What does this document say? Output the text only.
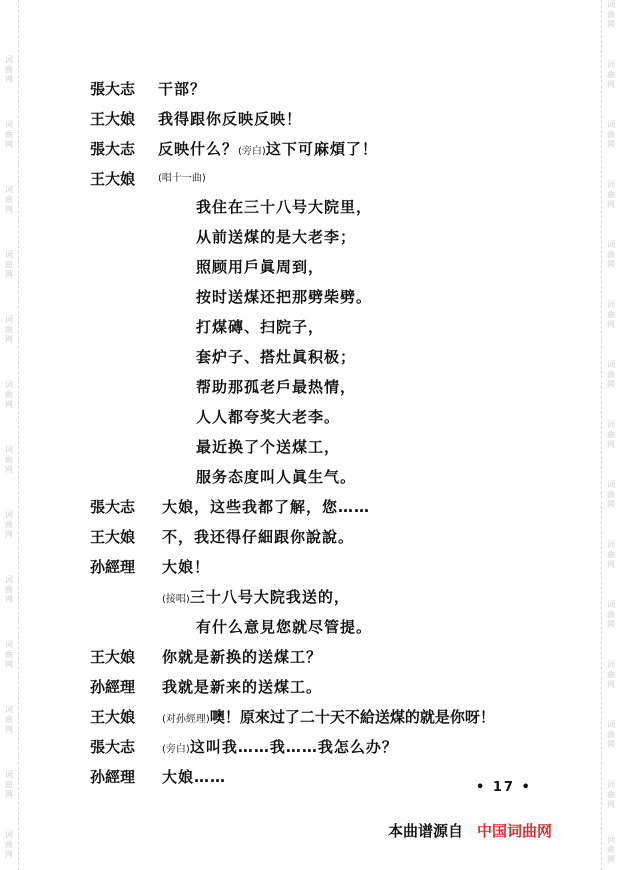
词
曲
网
词
曲
网
词
曲
网
词
曲
网
词
曲
网
词
曲
网
词
曲
网
词
曲
网
词
曲
网
词
曲
网
词
曲
网
词
曲
网
词
曲
网
词
曲
网
词
曲
网
词
曲
网
词
曲
网
词
曲
网
词
曲
网
词
曲
网
词
曲
网
词
曲
网
词
曲
网
词
曲
网
词
曲
网
词
曲
网
词
曲
网
词
曲
网
張大志 干部？
王大娘 我得跟你反映反映！
張大志 反映什么？(旁白)这下可麻煩了！
王大娘 (唱十一曲)
我住在三十八号大院里，
从前送煤的是大老李；
照顾用戶眞周到，
按时送煤还把那劈柴劈。
打煤磚、扫院子，
套炉子、搭灶眞积极；
帮助那孤老戶最热情，
人人都夸奖大老李。
最近换了个送煤工，
服务态度叫人眞生气。
張大志 大娘，这些我都了解，您……
王大娘 不，我还得仔細跟你說說。
孙經理 大娘！
(接唱)三十八号大院我送的，
有什么意見您就尽管提。
王大娘 你就是新换的送煤工？
孙經理 我就是新来的送煤工。
王大娘	(对孙經理)噢！原來过了二十天不給送煤的就是你呀！
張大志	(旁白)这叫我……我……我怎么办？
孙經理 大娘……
• 17 •
本曲谱源自 中国词曲网
